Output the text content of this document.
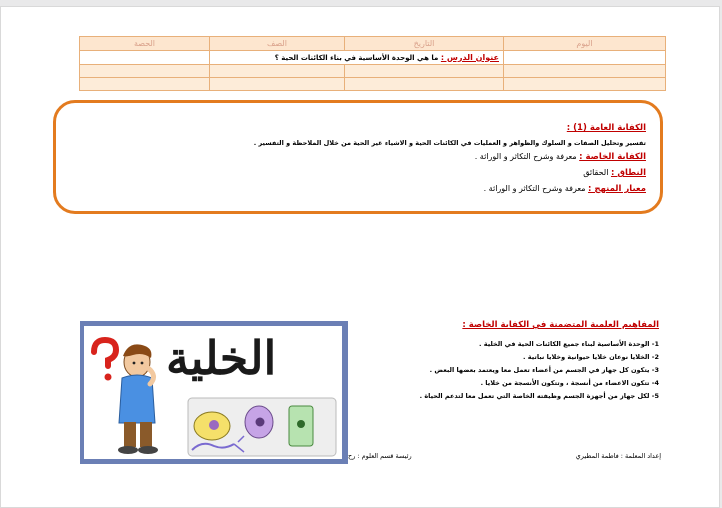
اليوم	التاريخ	الصف	الحصة
	عنوان الدرس : ما هي الوحدة الأساسية في بناء الكائنات الحية ؟		

الكفاية العامة (1) :
تفسير وتحليل الصفات و السلوك والظواهر و العمليات في الكائنات الحية و الاشياء غير الحية من خلال الملاحظة و التفسير .
الكفاية الخاصة : معرفة وشرح التكاثر و الوراثة .
النطاق : الحقائق
معيار المنهج : معرفة وشرح التكاثر و الوراثة .
المفاهيم العلمية المتضمنة في الكفاية الخاصة :
1- الوحدة الأساسية لبناء جميع الكائنات الحية في الخلية .
2- الخلايا نوعان خلايا حيوانية وخلايا نباتية .
3- يتكون كل جهاز في الجسم من أعضاء تعمل معا ويعتمد بعضها البعض .
4- تتكون الاعضاء من أنسجة ، وتتكون الأنسجة من خلايا .
5- لكل جهاز من أجهزة الجسم وظيفته الخاصة التي تعمل معا لتدعم الحياة .
الخلية
إعداد المعلمة : فاطمة المطيري
رئيسة قسم العلوم : رح
